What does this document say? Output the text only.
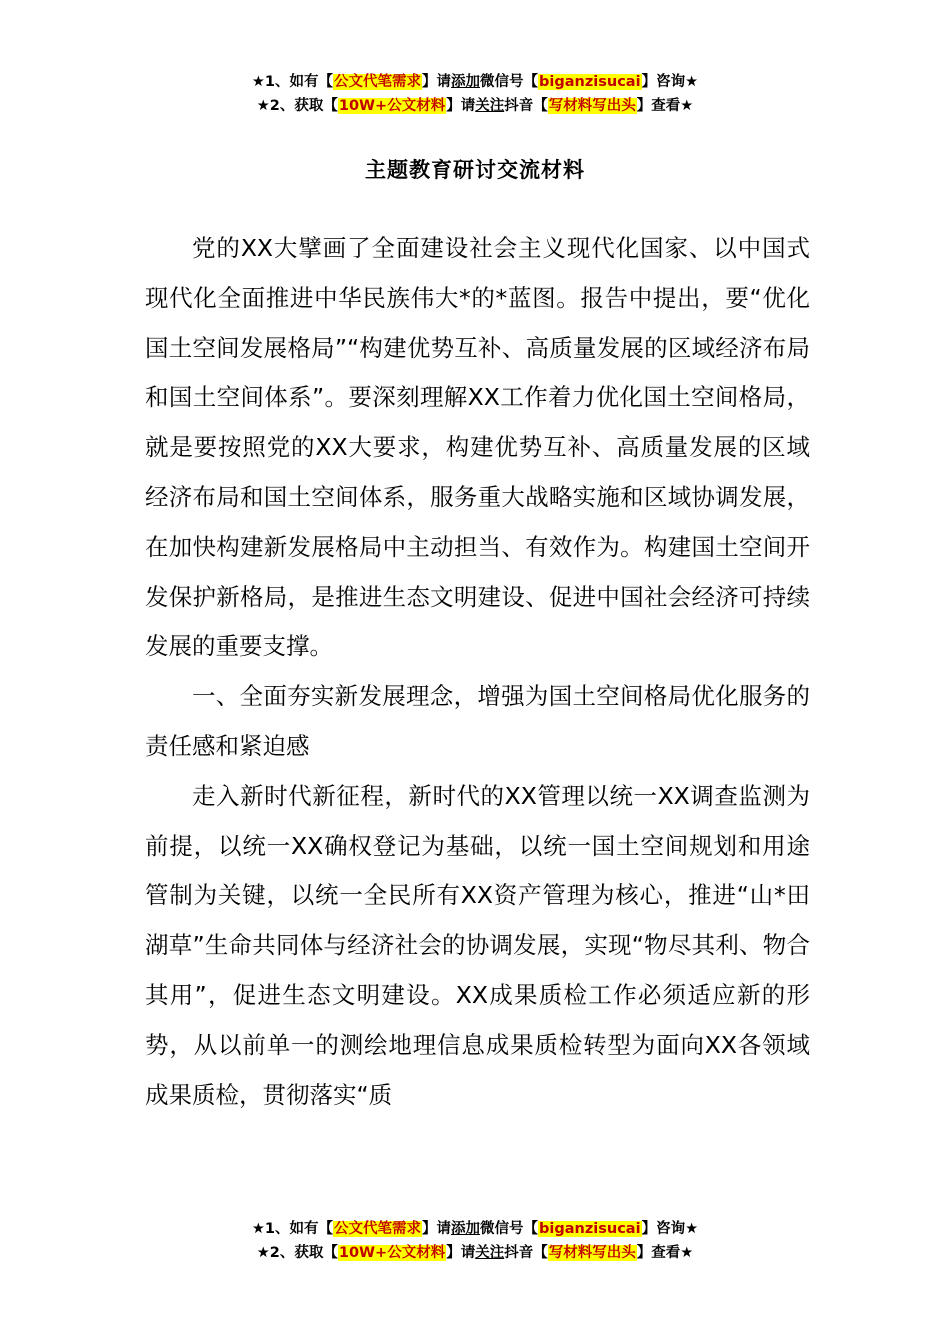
★1、如有【公文代笔需求】请添加微信号【biganzisucai】咨询★
★2、获取【10W+公文材料】请关注抖音【写材料写出头】查看★
主题教育研讨交流材料

党的XX大擘画了全面建设社会主义现代化国家、以中国式现代化全面推进中华民族伟大*的*蓝图。报告中提出，要“优化国土空间发展格局”“构建优势互补、高质量发展的区域经济布局和国土空间体系”。要深刻理解XX工作着力优化国土空间格局，就是要按照党的XX大要求，构建优势互补、高质量发展的区域经济布局和国土空间体系，服务重大战略实施和区域协调发展，在加快构建新发展格局中主动担当、有效作为。构建国土空间开发保护新格局，是推进生态文明建设、促进中国社会经济可持续发展的重要支撑。

一、全面夯实新发展理念，增强为国土空间格局优化服务的责任感和紧迫感

走入新时代新征程，新时代的XX管理以统一XX调查监测为前提，以统一XX确权登记为基础，以统一国土空间规划和用途管制为关键，以统一全民所有XX资产管理为核心，推进“山*田湖草”生命共同体与经济社会的协调发展，实现“物尽其利、物合其用”，促进生态文明建设。XX成果质检工作必须适应新的形势，从以前单一的测绘地理信息成果质检转型为面向XX各领域成果质检，贯彻落实“质

★1、如有【公文代笔需求】请添加微信号【biganzisucai】咨询★
★2、获取【10W+公文材料】请关注抖音【写材料写出头】查看★
